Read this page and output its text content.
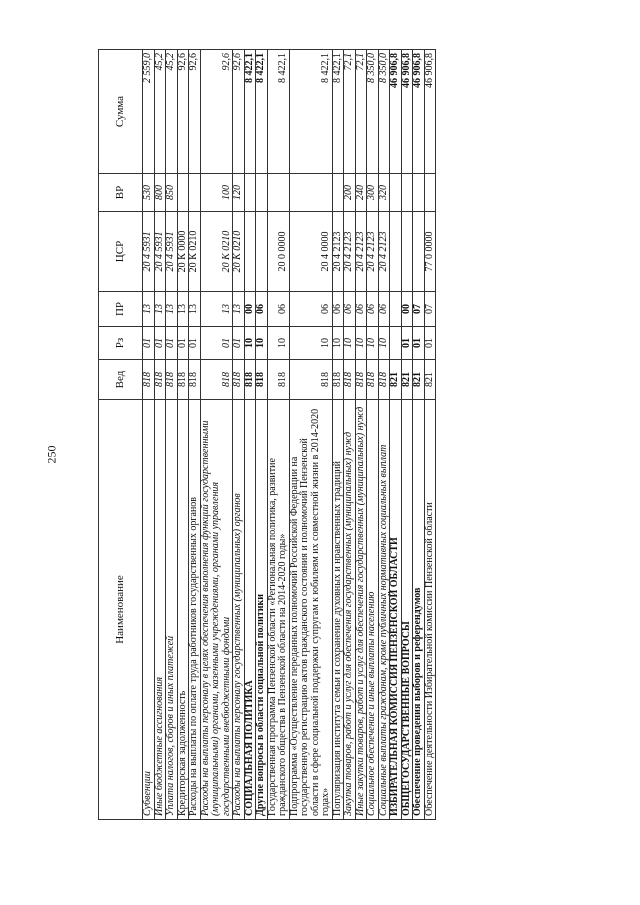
250
Наименование	Вед	Рз	ПР	ЦСР	ВР	Сумма
Субвенции	818	01	13	20 4 5931	530	2 559,0
Иные бюджетные ассигнования	818	01	13	20 4 5931	800	45,2
Уплата налогов, сборов и иных платежей	818	01	13	20 4 5931	850	45,2
Кредиторская задолженность	818	01	13	20 К 0000		92,6
Расходы на выплаты по оплате труда работников государственных органов	818	01	13	20 К 0210		92,6
Расходы на выплаты персоналу в целях обеспечения выполнения функций государственными (муниципальными) органами, казенными учреждениями, органами управления государственными внебюджетными фондами	818	01	13	20 К 0210	100	92,6
Расходы на выплаты персоналу государственных (муниципальных) органов	818	01	13	20 К 0210	120	92,6
СОЦИАЛЬНАЯ ПОЛИТИКА	818	10	00			8 422,1
Другие вопросы в области социальной политики	818	10	06			8 422,1
Государственная программа Пензенской области «Региональная политика, развитие гражданского общества в Пензенской области на 2014-2020 годы»	818	10	06	20 0 0000		8 422,1
Подпрограмма «Осуществление переданных полномочий Российской Федерации на государственную регистрацию актов гражданского состояния и полномочий Пензенской области в сфере социальной поддержки супругам к юбилеям их совместной жизни в 2014-2020 годах»	818	10	06	20 4 0000		8 422,1
Популяризация института семьи и сохранение духовных и нравственных традиций	818	10	06	20 4 2123		8 422,1
Закупка товаров, работ и услуг для обеспечения государственных (муниципальных) нужд	818	10	06	20 4 2123	200	72,1
Иные закупки товаров, работ и услуг для обеспечения государственных (муниципальных) нужд	818	10	06	20 4 2123	240	72,1
Социальное обеспечение и иные выплаты населению	818	10	06	20 4 2123	300	8 350,0
Социальные выплаты гражданам, кроме публичных нормативных социальных выплат	818	10	06	20 4 2123	320	8 350,0
ИЗБИРАТЕЛЬНАЯ КОМИССИЯ ПЕНЗЕНСКОЙ ОБЛАСТИ	821					46 906,8
ОБЩЕГОСУДАРСТВЕННЫЕ ВОПРОСЫ	821	01	00			46 906,8
Обеспечение проведения выборов и референдумов	821	01	07			46 906,8
Обеспечение деятельности Избирательной комиссии Пензенской области	821	01	07	77 0 0000		46 906,8
